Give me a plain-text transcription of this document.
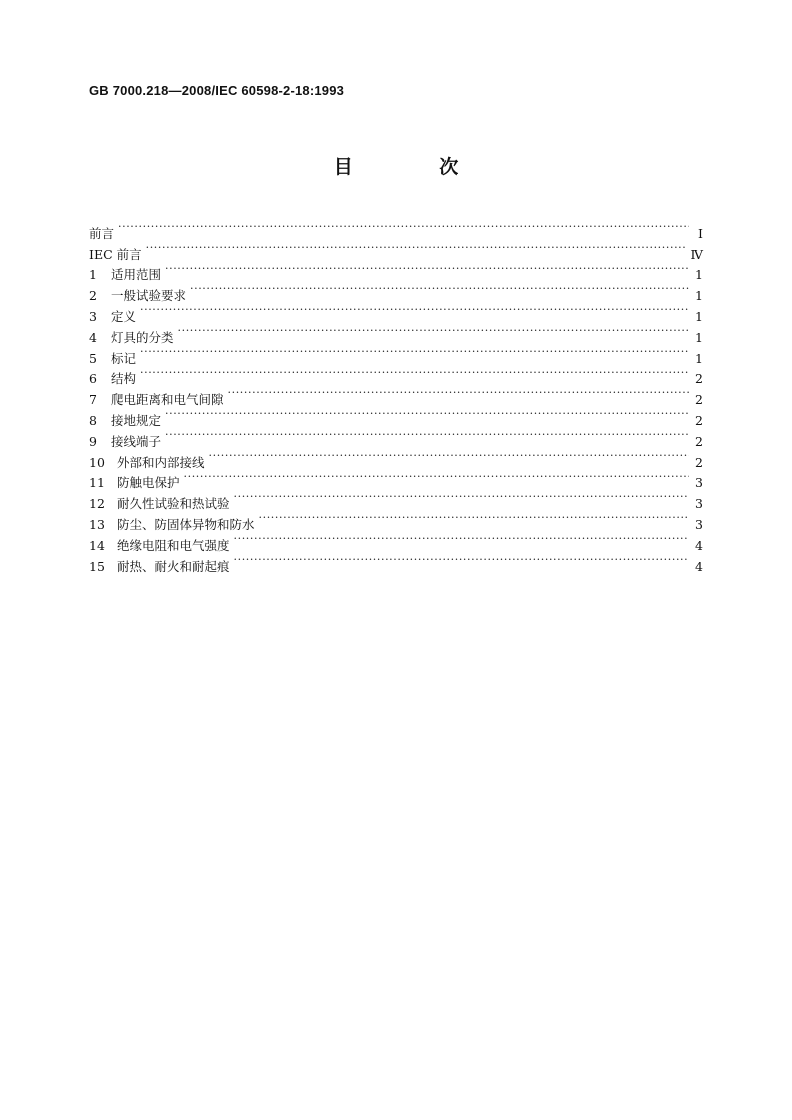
GB 7000.218—2008/IEC 60598-2-18:1993
目 次
前言 ·····	Ⅰ
IEC 前言 ·····	Ⅳ
1	适用范围 ·····	1
2	一般试验要求 ·····	1
3	定义 ·····	1
4	灯具的分类 ·····	1
5	标记 ·····	1
6	结构 ·····	2
7	爬电距离和电气间隙 ·····	2
8	接地规定 ·····	2
9	接线端子 ·····	2
10 外部和内部接线 ·····	2
11 防触电保护 ·····	3
12 耐久性试验和热试验 ·····	3
13 防尘、防固体异物和防水 ·····	3
14 绝缘电阻和电气强度 ·····	4
15 耐热、耐火和耐起痕 ·····	4
